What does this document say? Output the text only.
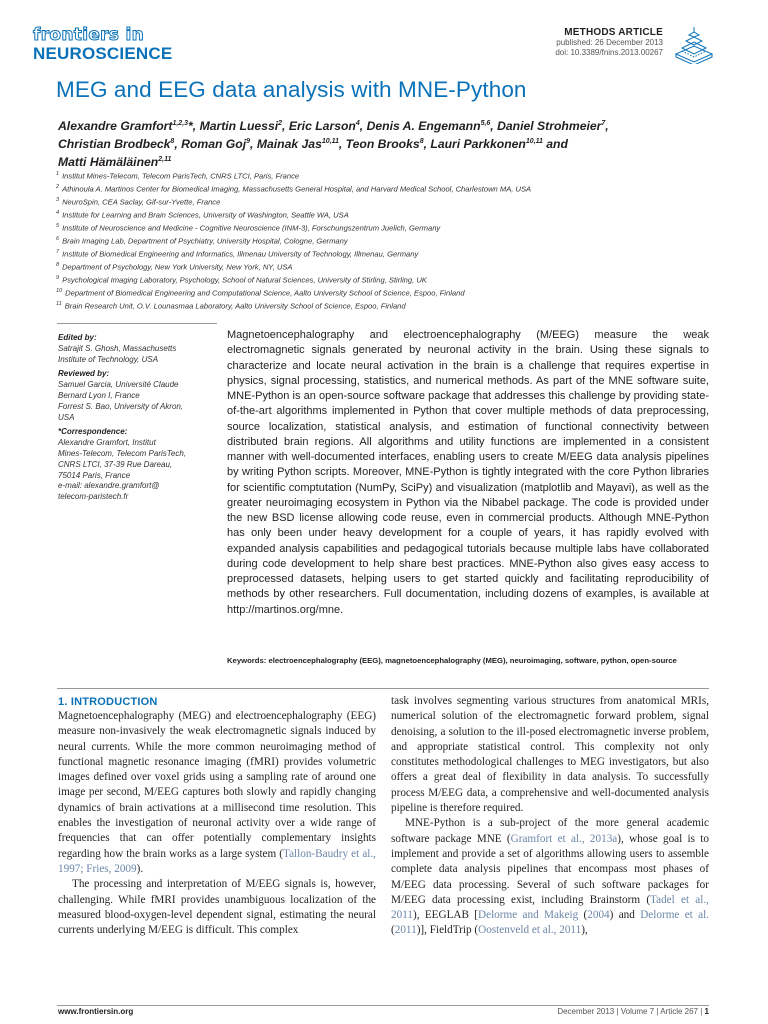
frontiers in
NEUROSCIENCE
METHODS ARTICLE
published: 26 December 2013
doi: 10.3389/fnins.2013.00267
MEG and EEG data analysis with MNE-Python
Alexandre Gramfort$^{1,2,3}$*, Martin Luessi$^2$, Eric Larson$^4$, Denis A. Engemann$^{5,6}$, Daniel Strohmeier$^7$,
Christian Brodbeck$^8$, Roman Goj$^9$, Mainak Jas$^{10,11}$, Teon Brooks$^8$, Lauri Parkkonen$^{10,11}$ and
Matti Hämäläinen$^{2,11}$
$^1$ Institut Mines-Telecom, Telecom ParisTech, CNRS LTCI, Paris, France
$^2$ Athinoula A. Martinos Center for Biomedical Imaging, Massachusetts General Hospital, and Harvard Medical School, Charlestown MA, USA
$^3$ NeuroSpin, CEA Saclay, Gif-sur-Yvette, France
$^4$ Institute for Learning and Brain Sciences, University of Washington, Seattle WA, USA
$^5$ Institute of Neuroscience and Medicine - Cognitive Neuroscience (INM-3), Forschungszentrum Juelich, Germany
$^6$ Brain Imaging Lab, Department of Psychiatry, University Hospital, Cologne, Germany
$^7$ Institute of Biomedical Engineering and Informatics, Illmenau University of Technology, Illmenau, Germany
$^8$ Department of Psychology, New York University, New York, NY, USA
$^9$ Psychological Imaging Laboratory, Psychology, School of Natural Sciences, University of Stirling, Stirling, UK
$^{10}$ Department of Biomedical Engineering and Computational Science, Aalto University School of Science, Espoo, Finland
$^{11}$ Brain Research Unit, O.V. Lounasmaa Laboratory, Aalto University School of Science, Espoo, Finland
Edited by:
Satrajit S. Ghosh, Massachusetts
Institute of Technology, USA
Reviewed by:
Samuel Garcia, Université Claude
Bernard Lyon I, France
Forrest S. Bao, University of Akron,
USA
*Correspondence:
Alexandre Gramfort, Institut
Mines-Telecom, Telecom ParisTech,
CNRS LTCI, 37-39 Rue Dareau,
75014 Paris, France
e-mail: alexandre.gramfort@
telecom-paristech.fr
Magnetoencephalography and electroencephalography (M/EEG) measure the weak electromagnetic signals generated by neuronal activity in the brain. Using these signals to characterize and locate neural activation in the brain is a challenge that requires expertise in physics, signal processing, statistics, and numerical methods. As part of the MNE software suite, MNE-Python is an open-source software package that addresses this challenge by providing state-of-the-art algorithms implemented in Python that cover multiple methods of data preprocessing, source localization, statistical analysis, and estimation of functional connectivity between distributed brain regions. All algorithms and utility functions are implemented in a consistent manner with well-documented interfaces, enabling users to create M/EEG data analysis pipelines by writing Python scripts. Moreover, MNE-Python is tightly integrated with the core Python libraries for scientific comptutation (NumPy, SciPy) and visualization (matplotlib and Mayavi), as well as the greater neuroimaging ecosystem in Python via the Nibabel package. The code is provided under the new BSD license allowing code reuse, even in commercial products. Although MNE-Python has only been under heavy development for a couple of years, it has rapidly evolved with expanded analysis capabilities and pedagogical tutorials because multiple labs have collaborated during code development to help share best practices. MNE-Python also gives easy access to preprocessed datasets, helping users to get started quickly and facilitating reproducibility of methods by other researchers. Full documentation, including dozens of examples, is available at http://martinos.org/mne.
Keywords: electroencephalography (EEG), magnetoencephalography (MEG), neuroimaging, software, python, open-source
1. INTRODUCTION

Magnetoencephalography (MEG) and electroencephalography (EEG) measure non-invasively the weak electromagnetic signals induced by neural currents. While the more common neuroimaging method of functional magnetic resonance imaging (fMRI) provides volumetric images defined over voxel grids using a sampling rate of around one image per second, M/EEG captures both slowly and rapidly changing dynamics of brain activations at a millisecond time resolution. This enables the investigation of neuronal activity over a wide range of frequencies that can offer potentially complementary insights regarding how the brain works as a large system (Tallon-Baudry et al., 1997; Fries, 2009).

The processing and interpretation of M/EEG signals is, however, challenging. While fMRI provides unambiguous localization of the measured blood-oxygen-level dependent signal, estimating the neural currents underlying M/EEG is difficult. This complex

task involves segmenting various structures from anatomical MRIs, numerical solution of the electromagnetic forward problem, signal denoising, a solution to the ill-posed electromagnetic inverse problem, and appropriate statistical control. This complexity not only constitutes methodological challenges to MEG investigators, but also offers a great deal of flexibility in data analysis. To successfully process M/EEG data, a comprehensive and well-documented analysis pipeline is therefore required.

MNE-Python is a sub-project of the more general academic software package MNE (Gramfort et al., 2013a), whose goal is to implement and provide a set of algorithms allowing users to assemble complete data analysis pipelines that encompass most phases of M/EEG data processing. Several of such software packages for M/EEG data processing exist, including Brainstorm (Tadel et al., 2011), EEGLAB [Delorme and Makeig (2004) and Delorme et al. (2011)], FieldTrip (Oostenveld et al., 2011),

www.frontiersin.org	December 2013 | Volume 7 | Article 267 | 1
